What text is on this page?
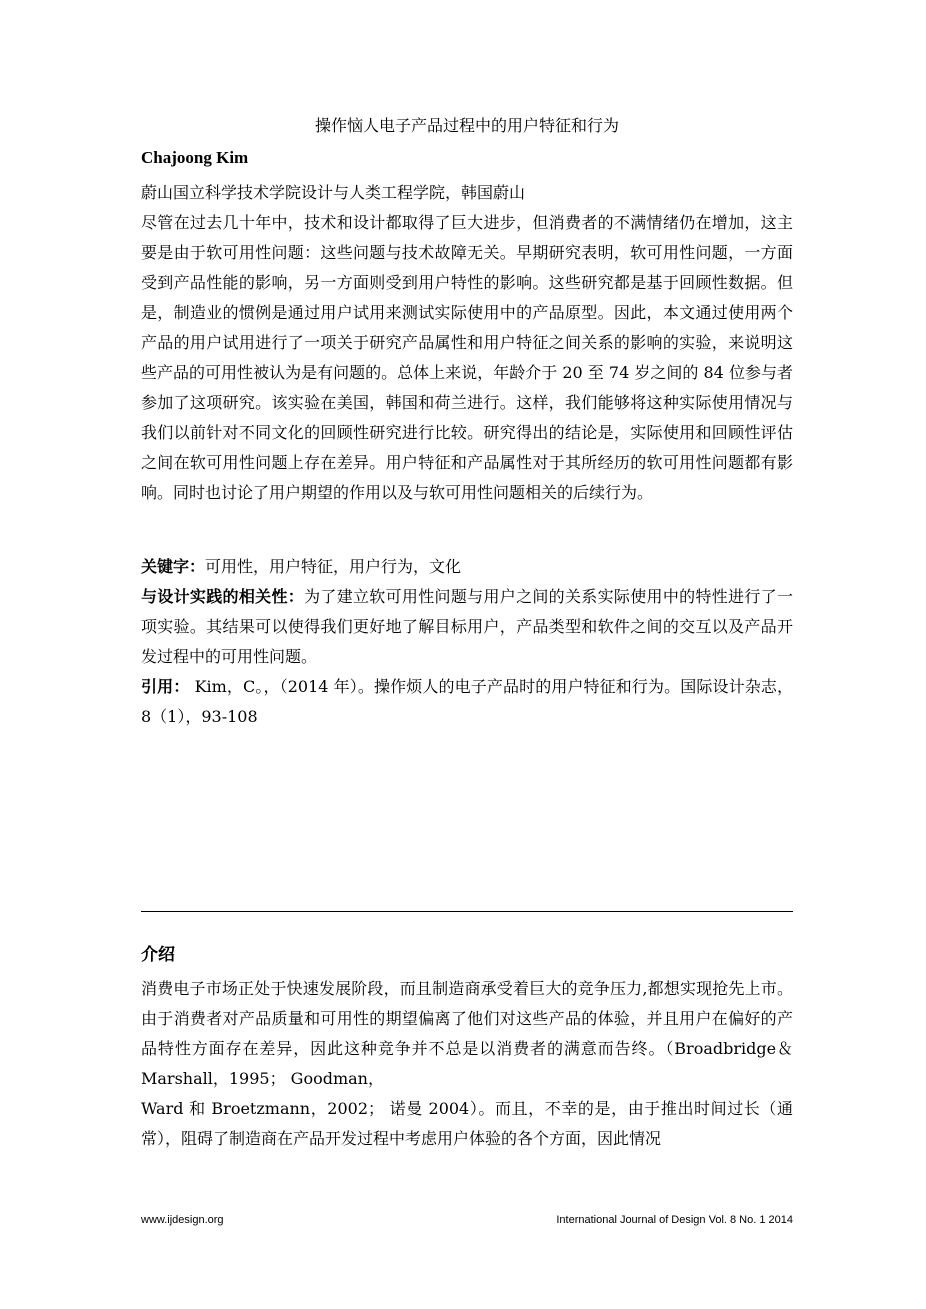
操作恼人电子产品过程中的用户特征和行为
Chajoong Kim

蔚山国立科学技术学院设计与人类工程学院，韩国蔚山

尽管在过去几十年中，技术和设计都取得了巨大进步，但消费者的不满情绪仍在增加，这主要是由于软可用性问题：这些问题与技术故障无关。早期研究表明，软可用性问题，一方面受到产品性能的影响，另一方面则受到用户特性的影响。这些研究都是基于回顾性数据。但是，制造业的惯例是通过用户试用来测试实际使用中的产品原型。因此，本文通过使用两个产品的用户试用进行了一项关于研究产品属性和用户特征之间关系的影响的实验，来说明这些产品的可用性被认为是有问题的。总体上来说，年龄介于 20 至 74 岁之间的 84 位参与者参加了这项研究。该实验在美国，韩国和荷兰进行。这样，我们能够将这种实际使用情况与我们以前针对不同文化的回顾性研究进行比较。研究得出的结论是，实际使用和回顾性评估之间在软可用性问题上存在差异。用户特征和产品属性对于其所经历的软可用性问题都有影响。同时也讨论了用户期望的作用以及与软可用性问题相关的后续行为。

关键字：可用性，用户特征，用户行为，文化

与设计实践的相关性：为了建立软可用性问题与用户之间的关系实际使用中的特性进行了一项实验。其结果可以使得我们更好地了解目标用户，产品类型和软件之间的交互以及产品开发过程中的可用性问题。

引用： Kim，C。，（2014 年）。操作烦人的电子产品时的用户特征和行为。国际设计杂志，8（1），93-108

介绍

消费电子市场正处于快速发展阶段，而且制造商承受着巨大的竞争压力,都想实现抢先上市。由于消费者对产品质量和可用性的期望偏离了他们对这些产品的体验，并且用户在偏好的产品特性方面存在差异，因此这种竞争并不总是以消费者的满意而告终。（Broadbridge＆Marshall，1995； Goodman，

Ward 和 Broetzmann，2002； 诺曼 2004）。而且，不幸的是，由于推出时间过长（通常），阻碍了制造商在产品开发过程中考虑用户体验的各个方面，因此情况

www.ijdesign.org	International Journal of Design Vol. 8 No. 1 2014
